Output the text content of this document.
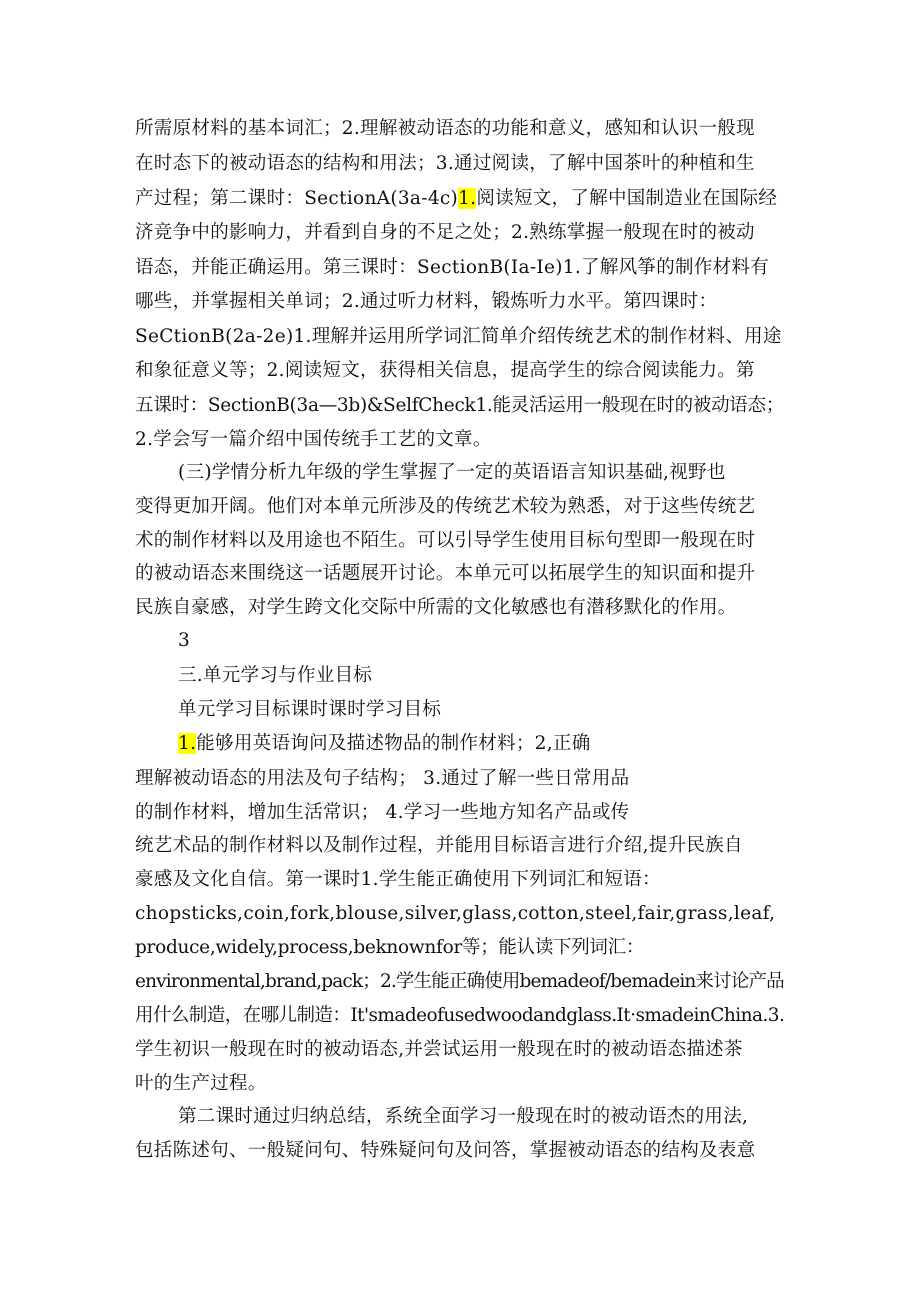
所需原材料的基本词汇；2.理解被动语态的功能和意义，感知和认识一般现
在时态下的被动语态的结构和用法；3.通过阅读，了解中国茶叶的种植和生
产过程；第二课时：SectionA(3a-4c)1.阅读短文，了解中国制造业在国际经
济竞争中的影响力，并看到自身的不足之处；2.熟练掌握一般现在时的被动
语态，并能正确运用。第三课时：SectionB(Ia-Ie)1.了解风筝的制作材料有
哪些，并掌握相关单词；2.通过听力材料，锻炼听力水平。第四课时：
SeCtionB(2a-2e)1.理解并运用所学词汇简单介绍传统艺术的制作材料、用途
和象征意义等；2.阅读短文，获得相关信息，提高学生的综合阅读能力。第
五课时：SectionB(3a—3b)&SelfCheck1.能灵活运用一般现在时的被动语态；
2.学会写一篇介绍中国传统手工艺的文章。
(三)学情分析九年级的学生掌握了一定的英语语言知识基础,视野也
变得更加开阔。他们对本单元所涉及的传统艺术较为熟悉，对于这些传统艺
术的制作材料以及用途也不陌生。可以引导学生使用目标句型即一般现在时
的被动语态来围绕这一话题展开讨论。本单元可以拓展学生的知识面和提升
民族自豪感，对学生跨文化交际中所需的文化敏感也有潜移默化的作用。
3
三.单元学习与作业目标
单元学习目标课时课时学习目标
1.能够用英语询问及描述物品的制作材料；2,正确
理解被动语态的用法及句子结构； 3.通过了解一些日常用品
的制作材料，增加生活常识； 4.学习一些地方知名产品或传
统艺术品的制作材料以及制作过程，并能用目标语言进行介绍,提升民族自
豪感及文化自信。第一课时1.学生能正确使用下列词汇和短语：
chopsticks,coin,fork,blouse,silver,glass,cotton,steel,fair,grass,leaf,
produce,widely,process,beknownfor等；能认读下列词汇：
environmental,brand,pack；2.学生能正确使用bemadeof/bemadein来讨论产品
用什么制造，在哪儿制造：It'smadeofusedwoodandglass.It·smadeinChina.3.
学生初识一般现在时的被动语态,并尝试运用一般现在时的被动语态描述茶
叶的生产过程。
第二课时通过归纳总结，系统全面学习一般现在时的被动语杰的用法,
包括陈述句、一般疑问句、特殊疑问句及问答，掌握被动语态的结构及表意
